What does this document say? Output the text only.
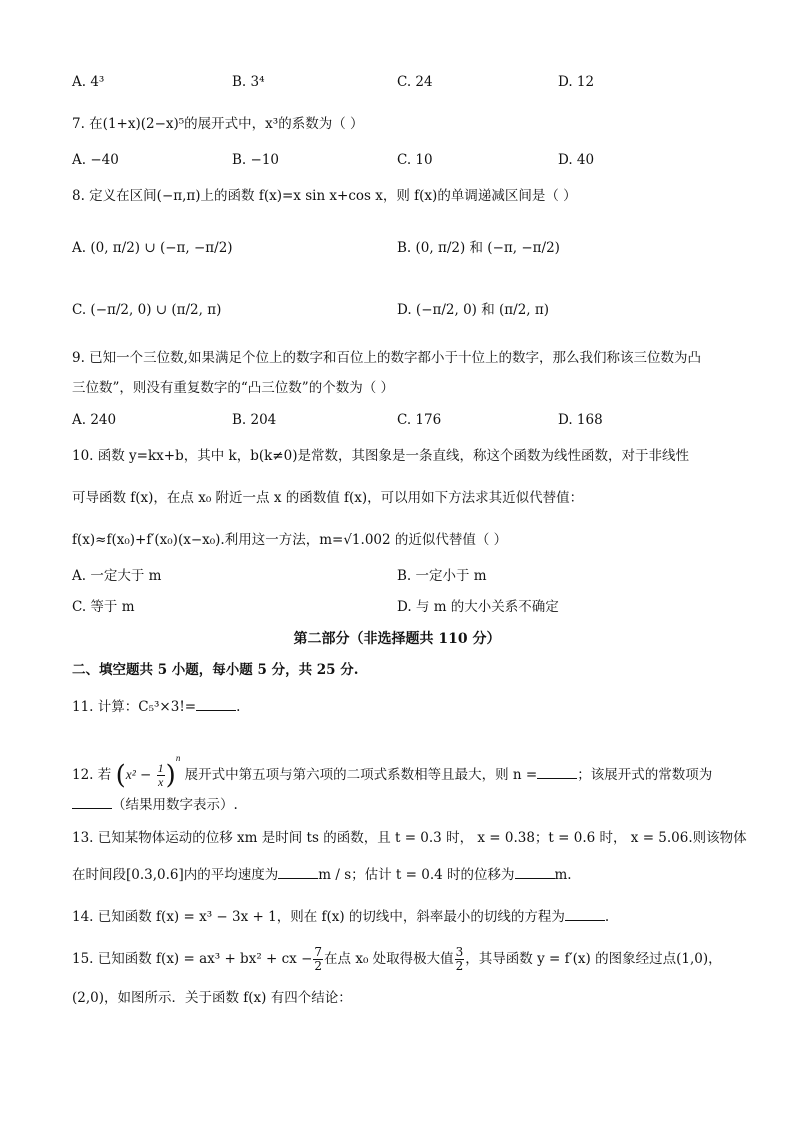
A. 4³	B. 3⁴	C. 24	D. 12
7. 在(1+x)(2−x)⁵的展开式中，x³的系数为（ ）
A. −40	B. −10	C. 10	D. 40
8. 定义在区间(−π,π)上的函数 f(x)=x sin x+cos x，则 f(x)的单调递减区间是（ ）
A. (0, π/2) ∪ (−π, −π/2)	B. (0, π/2) 和 (−π, −π/2)
C. (−π/2, 0) ∪ (π/2, π)	D. (−π/2, 0) 和 (π/2, π)
9. 已知一个三位数,如果满足个位上的数字和百位上的数字都小于十位上的数字，那么我们称该三位数为凸
三位数”，则没有重复数字的“凸三位数”的个数为（ ）
A. 240	B. 204	C. 176	D. 168
10. 函数 y=kx+b，其中 k，b(k≠0)是常数，其图象是一条直线，称这个函数为线性函数，对于非线性
可导函数 f(x)，在点 x₀ 附近一点 x 的函数值 f(x)，可以用如下方法求其近似代替值：
f(x)≈f(x₀)+f′(x₀)(x−x₀).利用这一方法，m=√1.002 的近似代替值（ ）
A. 一定大于 m	B. 一定小于 m
C. 等于 m	D. 与 m 的大小关系不确定
第二部分（非选择题共 110 分）
二、填空题共 5 小题，每小题 5 分，共 25 分.
11. 计算：C₅³×3!=	.
12. 若 $(x^2 - \frac{1}{x} )^n$ 展开式中第五项与第六项的二项式系数相等且最大，则 n =	；该展开式的常数项为
（结果用数字表示）.
13. 已知某物体运动的位移 xm 是时间 ts 的函数，且 t = 0.3 时， x = 0.38；t = 0.6 时， x = 5.06.则该物体
在时间段[0.3,0.6]内的平均速度为	m / s；估计 t = 0.4 时的位移为	m.
14. 已知函数 f(x) = x³ − 3x + 1，则在 f(x) 的切线中，斜率最小的切线的方程为	.
15. 已知函数 f(x) = ax³ + bx² + cx − $\frac{7}{2}$ 在点 x₀ 处取得极大值 $\frac{3}{2}$ ，其导函数 y = f′(x) 的图象经过点(1,0)，
(2,0)，如图所示．关于函数 f(x) 有四个结论：
